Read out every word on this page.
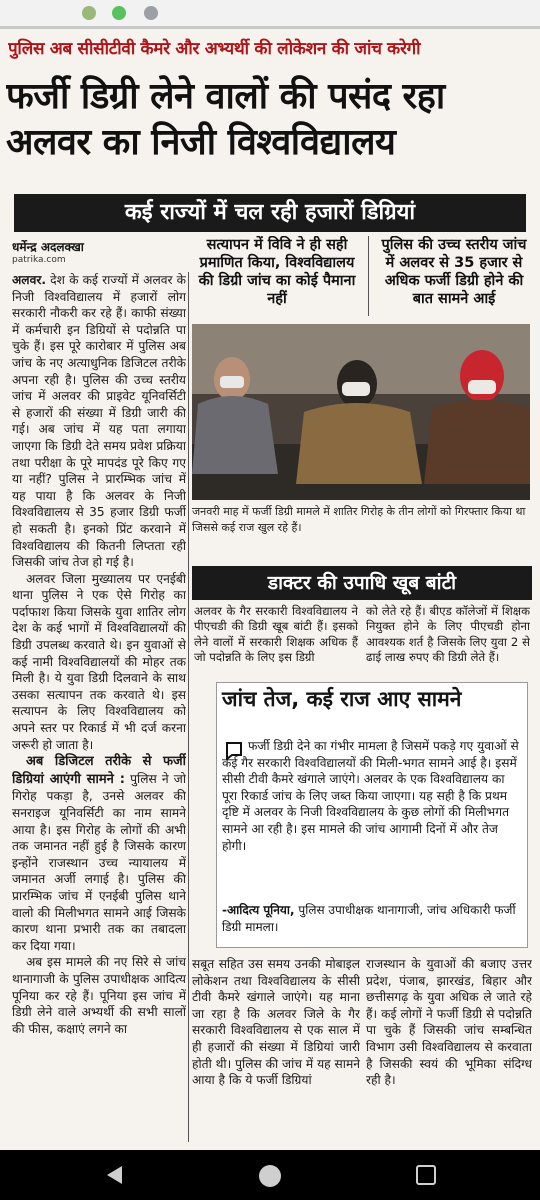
पुलिस अब सीसीटीवी कैमरे और अभ्यर्थी की लोकेशन की जांच करेगी
फर्जी डिग्री लेने वालों की पसंद रहा
अलवर का निजी विश्वविद्यालय
कई राज्यों में चल रही हजारों डिग्रियां
धर्मेन्द्र अदलक्खा
patrika.com
सत्यापन में विवि ने ही सही प्रमाणित किया, विश्वविद्यालय की डिग्री जांच का कोई पैमाना नहीं
पुलिस की उच्च स्तरीय जांच में अलवर से 35 हजार से अधिक फर्जी डिग्री होने की बात सामने आई

अलवर. देश के कई राज्यों में अलवर के निजी विश्वविद्यालय में हजारों लोग सरकारी नौकरी कर रहे हैं। काफी संख्या में कर्मचारी इन डिग्रियों से पदोन्नति पा चुके हैं। इस पूरे कारोबार में पुलिस अब जांच के नए अत्याधुनिक डिजिटल तरीके अपना रही है। पुलिस की उच्च स्तरीय जांच में अलवर की प्राइवेट यूनिवर्सिटी से हजारों की संख्या में डिग्री जारी की गई। अब जांच में यह पता लगाया जाएगा कि डिग्री देते समय प्रवेश प्रक्रिया तथा परीक्षा के पूरे मापदंड पूरे किए गए या नहीं? पुलिस ने प्रारम्भिक जांच में यह पाया है कि अलवर के निजी विश्वविद्यालय से 35 हजार डिग्री फर्जी हो सकती है। इनको प्रिंट करवाने में विश्वविद्यालय की कितनी लिप्तता रही जिसकी जांच तेज हो गई है।

अलवर जिला मुख्यालय पर एनईबी थाना पुलिस ने एक ऐसे गिरोह का पर्दाफाश किया जिसके युवा शातिर लोग देश के कई भागों में विश्वविद्यालयों की डिग्री उपलब्ध करवाते थे। इन युवाओं से कई नामी विश्वविद्यालयों की मोहर तक मिली है। ये युवा डिग्री दिलवाने के साथ उसका सत्यापन तक करवाते थे। इस सत्यापन के लिए विश्वविद्यालय को अपने स्तर पर रिकार्ड में भी दर्ज करना जरूरी हो जाता है।

अब डिजिटल तरीके से फर्जी डिग्रियां आएंगी सामने : पुलिस ने जो गिरोह पकड़ा है, उनसे अलवर की सनराइज यूनिवर्सिटी का नाम सामने आया है। इस गिरोह के लोगों की अभी तक जमानत नहीं हुई है जिसके कारण इन्होंने राजस्थान उच्च न्यायालय में जमानत अर्जी लगाई है। पुलिस की प्रारम्भिक जांच में एनईबी पुलिस थाने वालो की मिलीभगत सामने आई जिसके कारण थाना प्रभारी तक का तबादला कर दिया गया।

अब इस मामले की नए सिरे से जांच थानागाजी के पुलिस उपाधीक्षक आदित्य पूनिया कर रहे हैं। पूनिया इस जांच में डिग्री लेने वाले अभ्यर्थी की सभी सालों की फीस, कक्षाएं लगने का

जनवरी माह में फर्जी डिग्री मामले में शातिर गिरोह के तीन लोगों को गिरफ्तार किया था जिससे कई राज खुल रहे हैं।
डाक्टर की उपाधि खूब बांटी
अलवर के गैर सरकारी विश्वविद्यालय ने पीएचडी की डिग्री खूब बांटी हैं। इसको लेने वालों में सरकारी शिक्षक अधिक हैं जो पदोन्नति के लिए इस डिग्री
को लेते रहे हैं। बीएड कॉलेजों में शिक्षक नियुक्त होने के लिए पीएचडी होना आवश्यक शर्त है जिसके लिए युवा 2 से ढाई लाख रुपए की डिग्री लेते हैं।
जांच तेज, कई राज आए सामने
फर्जी डिग्री देने का गंभीर मामला है जिसमें पकड़े गए युवाओं से कई गैर सरकारी विश्वविद्यालयों की मिली-भगत सामने आई है। इसमें सीसी टीवी कैमरे खंगाले जाएंगे। अलवर के एक विश्वविद्यालय का पूरा रिकार्ड जांच के लिए जब्त किया जाएगा। यह सही है कि प्रथम दृष्टि में अलवर के निजी विश्वविद्यालय के कुछ लोगों की मिलीभगत सामने आ रही है। इस मामले की जांच आगामी दिनों में और तेज होगी।
-आदित्य पूनिया, पुलिस उपाधीक्षक थानागाजी, जांच अधिकारी फर्जी डिग्री मामला।
सबूत सहित उस समय उनकी मोबाइल लोकेशन तथा विश्वविद्यालय के सीसी टीवी कैमरे खंगाले जाएंगे। यह माना जा रहा है कि अलवर जिले के गैर सरकारी विश्वविद्यालय से एक साल में ही हजारों की संख्या में डिग्रियां जारी होती थी। पुलिस की जांच में यह सामने आया है कि ये फर्जी डिग्रियां
राजस्थान के युवाओं की बजाए उत्तर प्रदेश, पंजाब, झारखंड, बिहार और छत्तीसगढ़ के युवा अधिक ले जाते रहे हैं। कई लोगों ने फर्जी डिग्री से पदोन्नति पा चुके हैं जिसकी जांच सम्बन्धित विभाग उसी विश्वविद्यालय से करवाता है जिसकी स्वयं की भूमिका संदिग्ध रही है।
